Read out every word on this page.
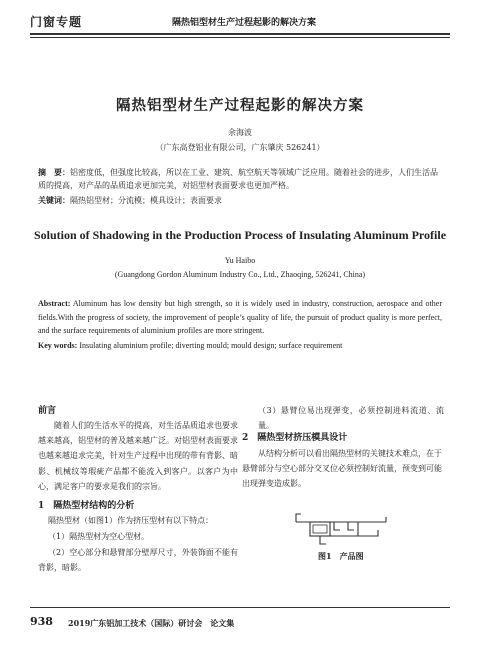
门窗专题	隔热铝型材生产过程起影的解决方案
隔热铝型材生产过程起影的解决方案
余海波
（广东高登铝业有限公司，广东肇庆 526241）
摘　要：铝密度低，但强度比较高，所以在工业、建筑、航空航天等领域广泛应用。随着社会的进步，人们生活品质的提高，对产品的品质追求更加完美，对铝型材表面要求也更加严格。
关键词：隔热铝型材；分流模；模具设计；表面要求
Solution of Shadowing in the Production Process of Insulating Aluminum Profile
Yu Haibo
(Guangdong Gordon Aluminum Industry Co., Ltd., Zhaoqing, 526241, China)
Abstract: Aluminum has low density but high strength, so it is widely used in industry, construction, aerospace and other fields.With the progress of society, the improvement of people’s quality of life, the pursuit of product quality is more perfect, and the surface requirements of aluminium profiles are more stringent.
Key words: Insulating aluminium profile; diverting mould; mould design; surface requirement
前言
随着人们的生活水平的提高，对生活品质追求也要求越来越高，铝型材的普及越来越广泛。对铝型材表面要求也越来越追求完美，针对生产过程中出现的带有背影、暗影、机械纹等瑕疵产品都不能流入到客户。以客户为中心，满足客户的要求是我们的宗旨。
1　隔热型材结构的分析
隔热型材（如图1）作为挤压型材有以下特点：
（1）隔热型材为空心型材。
（2）空心部分和悬臂部分壁厚尺寸，外装饰面不能有背影，暗影。
（3）悬臂位易出现弹变，必须控制进料流道、流量。
2　隔热型材挤压模具设计
从结构分析可以看出隔热型材的关键技术难点，在于悬臂部分与空心部分交叉位必须控制好流量，预变到可能出现弹变造成影。
图1　产品图
938 2019广东铝加工技术（国际）研讨会　论文集
